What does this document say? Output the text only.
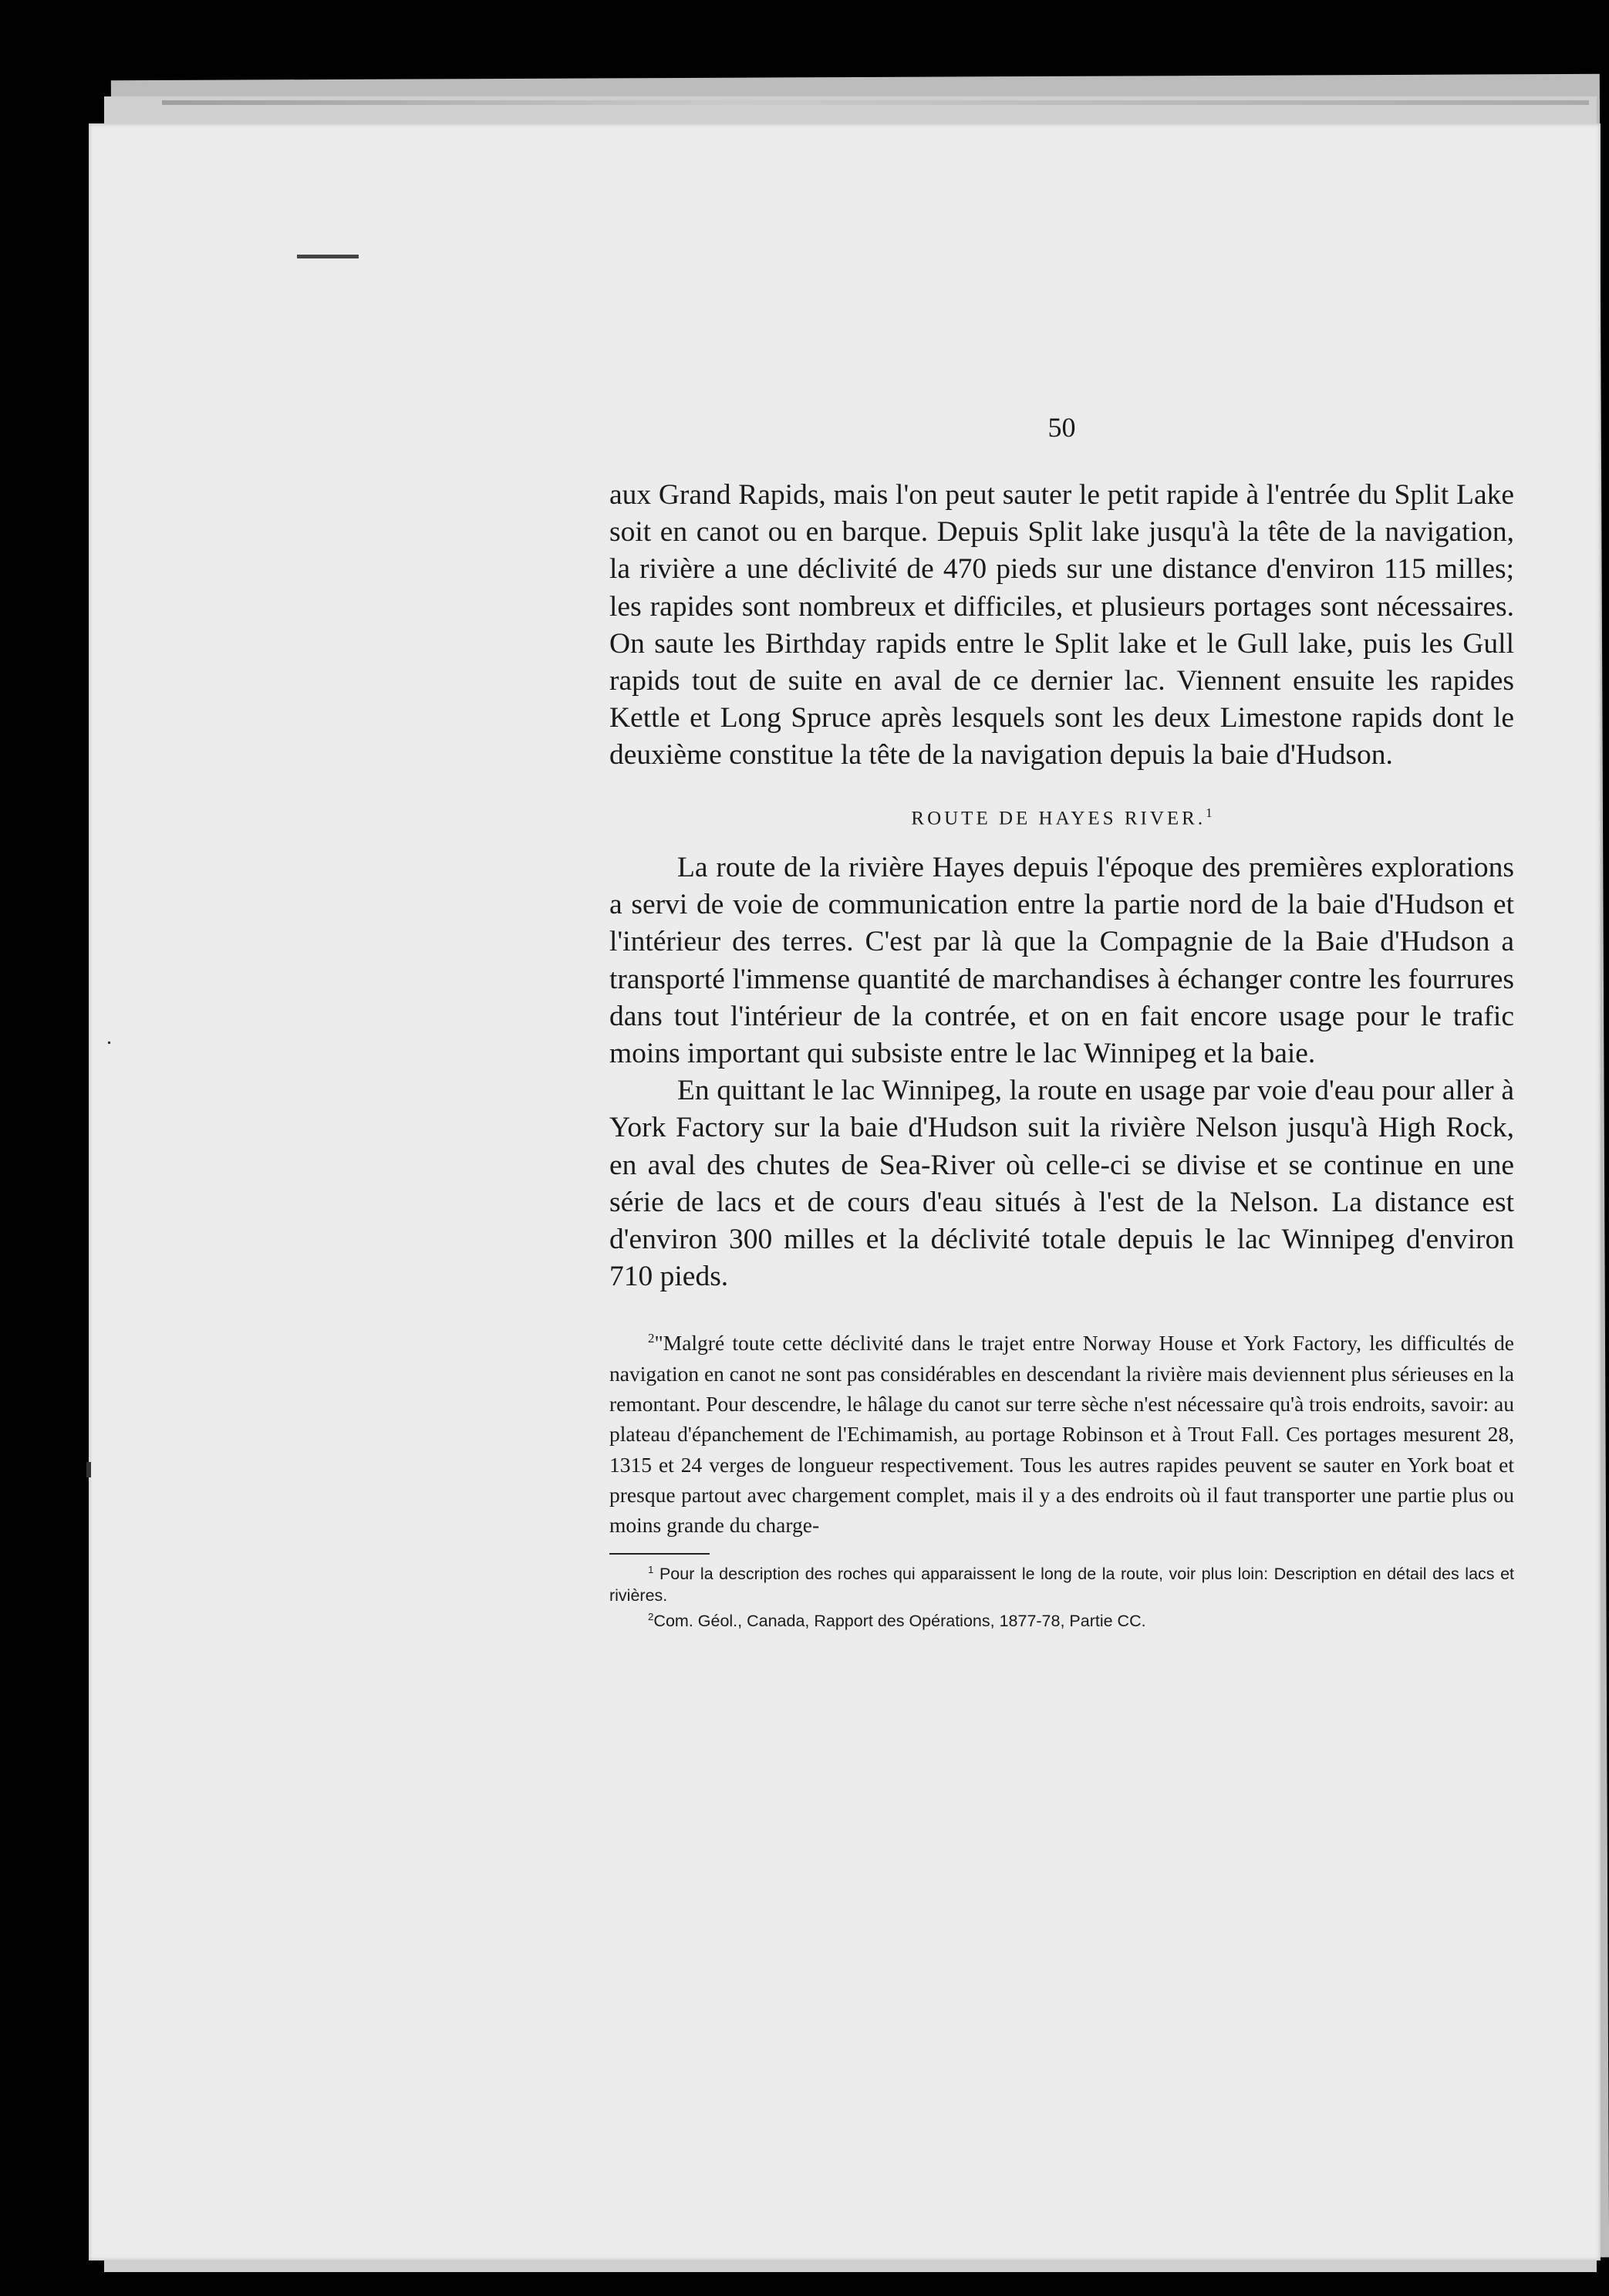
50

aux Grand Rapids, mais l'on peut sauter le petit rapide à l'entrée du Split Lake soit en canot ou en barque. Depuis Split lake jusqu'à la tête de la navigation, la rivière a une déclivité de 470 pieds sur une distance d'environ 115 milles; les rapides sont nombreux et difficiles, et plusieurs portages sont nécessaires. On saute les Birthday rapids entre le Split lake et le Gull lake, puis les Gull rapids tout de suite en aval de ce dernier lac. Viennent ensuite les rapides Kettle et Long Spruce après lesquels sont les deux Limestone rapids dont le deuxième constitue la tête de la navigation depuis la baie d'Hudson.

ROUTE DE HAYES RIVER.$^1$

La route de la rivière Hayes depuis l'époque des premières explorations a servi de voie de communication entre la partie nord de la baie d'Hudson et l'intérieur des terres. C'est par là que la Compagnie de la Baie d'Hudson a transporté l'immense quantité de marchandises à échanger contre les fourrures dans tout l'intérieur de la contrée, et on en fait encore usage pour le trafic moins important qui subsiste entre le lac Winnipeg et la baie.

En quittant le lac Winnipeg, la route en usage par voie d'eau pour aller à York Factory sur la baie d'Hudson suit la rivière Nelson jusqu'à High Rock, en aval des chutes de Sea-River où celle-ci se divise et se continue en une série de lacs et de cours d'eau situés à l'est de la Nelson. La distance est d'environ 300 milles et la déclivité totale depuis le lac Winnipeg d'environ 710 pieds.

$^2$"Malgré toute cette déclivité dans le trajet entre Norway House et York Factory, les difficultés de navigation en canot ne sont pas considérables en descendant la rivière mais deviennent plus sérieuses en la remontant. Pour descendre, le hâlage du canot sur terre sèche n'est nécessaire qu'à trois endroits, savoir: au plateau d'épanchement de l'Echimamish, au portage Robinson et à Trout Fall. Ces portages mesurent 28, 1315 et 24 verges de longueur respectivement. Tous les autres rapides peuvent se sauter en York boat et presque partout avec chargement complet, mais il y a des endroits où il faut transporter une partie plus ou moins grande du charge-

$^1$ Pour la description des roches qui apparaissent le long de la route, voir plus loin: Description en détail des lacs et rivières.

$^2$Com. Géol., Canada, Rapport des Opérations, 1877-78, Partie CC.
